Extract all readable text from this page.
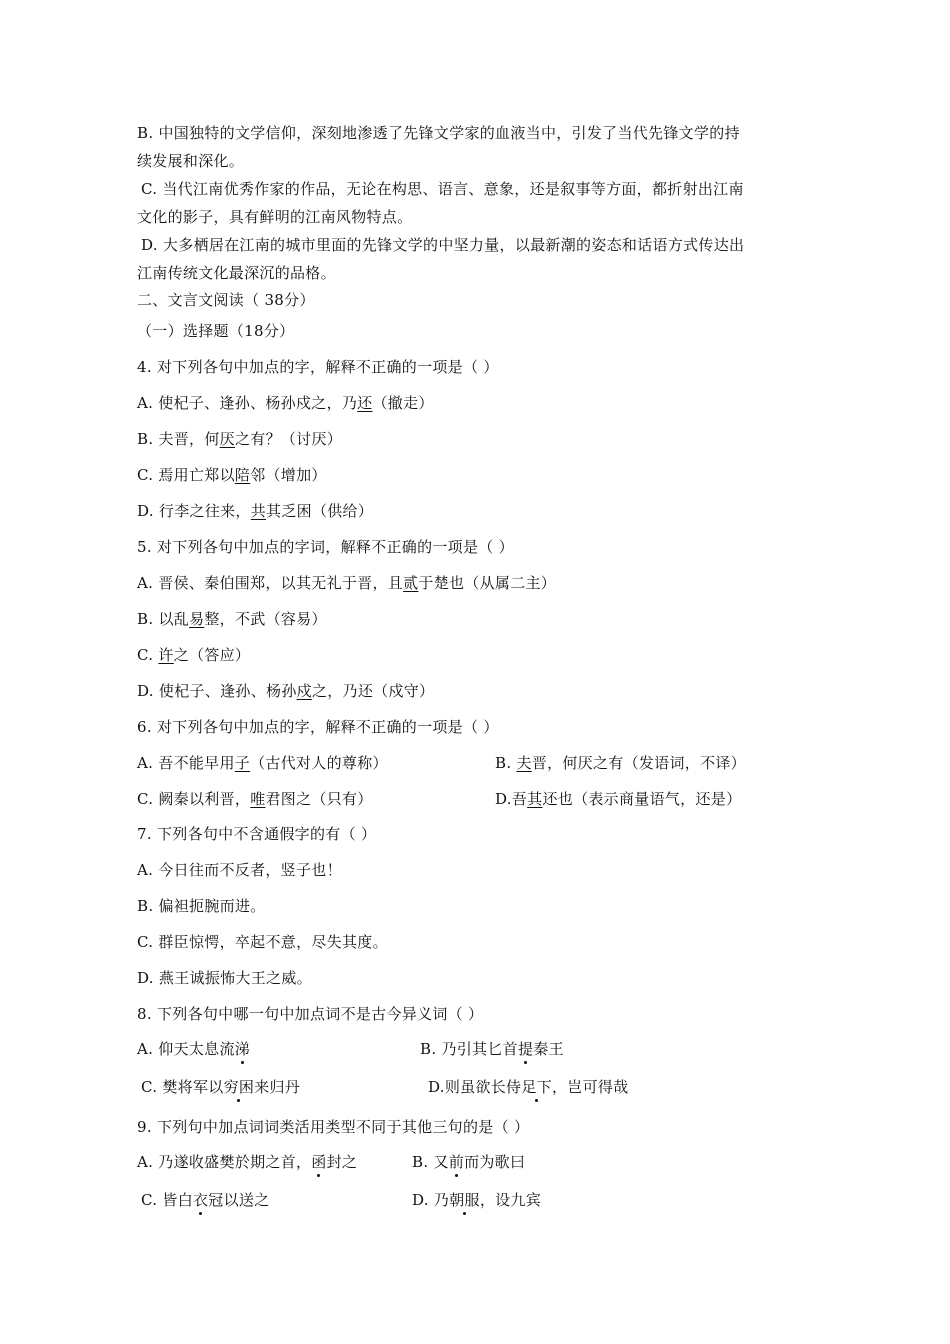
B. 中国独特的文学信仰，深刻地渗透了先锋文学家的血液当中，引发了当代先锋文学的持
续发展和深化。
C. 当代江南优秀作家的作品，无论在构思、语言、意象，还是叙事等方面，都折射出江南
文化的影子，具有鲜明的江南风物特点。
D. 大多栖居在江南的城市里面的先锋文学的中坚力量，以最新潮的姿态和话语方式传达出
江南传统文化最深沉的品格。
二、文言文阅读（ 38分）
（一）选择题（18分）
4. 对下列各句中加点的字，解释不正确的一项是（ ）
A. 使杞子、逢孙、杨孙戍之，乃还（撤走）
B. 夫晋，何厌之有？（讨厌）
C. 焉用亡郑以陪邻（增加）
D. 行李之往来，共其乏困（供给）
5. 对下列各句中加点的字词，解释不正确的一项是（ ）
A. 晋侯、秦伯围郑，以其无礼于晋，且贰于楚也（从属二主）
B. 以乱易整，不武（容易）
C. 许之（答应）
D. 使杞子、逢孙、杨孙戍之，乃还（戍守）
6. 对下列各句中加点的字，解释不正确的一项是（ ）
A. 吾不能早用子（古代对人的尊称）	B. 夫晋，何厌之有（发语词，不译）
C. 阙秦以利晋，唯君图之（只有）	D.吾其还也（表示商量语气，还是）
7. 下列各句中不含通假字的有（ ）
A. 今日往而不反者，竖子也！
B. 偏袒扼腕而进。
C. 群臣惊愕，卒起不意，尽失其度。
D. 燕王诚振怖大王之威。
8. 下列各句中哪一句中加点词不是古今异义词（ ）
A. 仰天太息流涕	B. 乃引其匕首提秦王
C. 樊将军以穷困来归丹	D.则虽欲长侍足下，岂可得哉
9. 下列句中加点词词类活用类型不同于其他三句的是（ ）
A. 乃遂收盛樊於期之首，函封之	B. 又前而为歌曰
C. 皆白衣冠以送之	D. 乃朝服，设九宾
